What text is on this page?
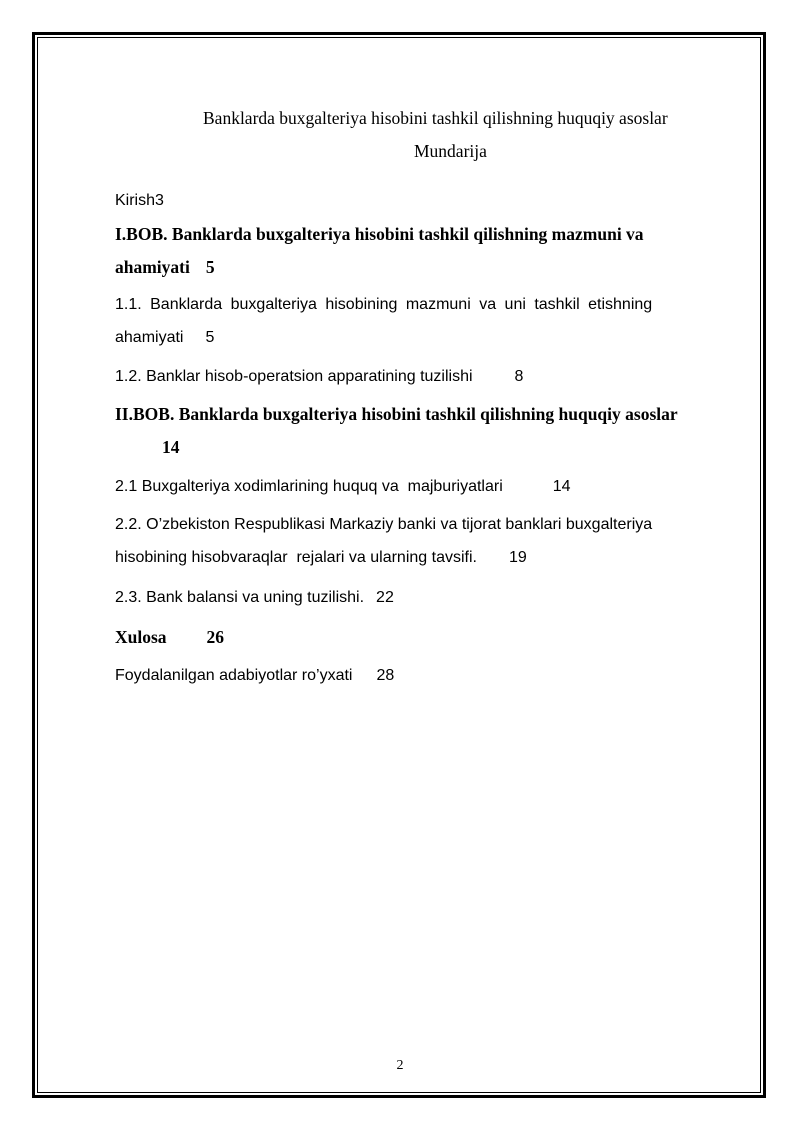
Banklarda buxgalteriya hisobini tashkil qilishning huquqiy asoslar
Mundarija
Kirish3
I.BOB. Banklarda buxgalteriya hisobini tashkil qilishning mazmuni va
ahamiyati 5
1.1. Banklarda buxgalteriya hisobining mazmuni va uni tashkil etishning
ahamiyati 5
1.2. Banklar hisob-operatsion apparatining tuzilishi	8
II.BOB. Banklarda buxgalteriya hisobini tashkil qilishning huquqiy asoslar
14
2.1 Buxgalteriya xodimlarining huquq va  majburiyatlari	14
2.2. O’zbekiston Respublikasi Markaziy banki va tijorat banklari buxgalteriya
hisobining hisobvaraqlar  rejalari va ularning tavsifi. 19
2.3. Bank balansi va uning tuzilishi. 22
Xulosa 26
Foydalanilgan adabiyotlar ro’yxati 28
2
